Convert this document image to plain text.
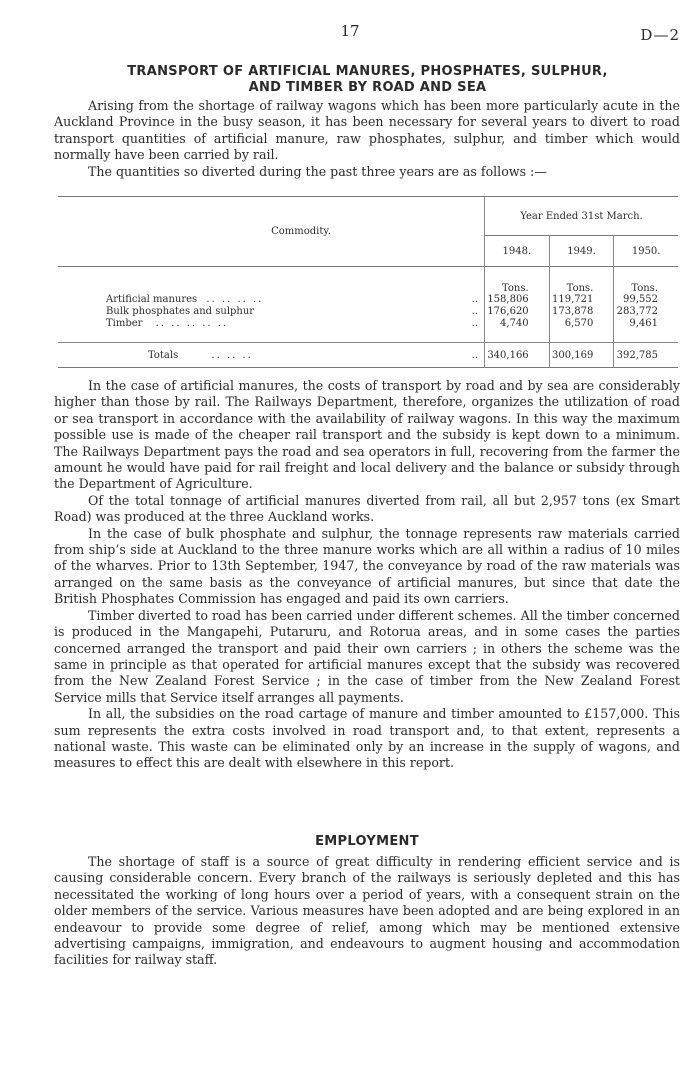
17	D—2
TRANSPORT OF ARTIFICIAL MANURES, PHOSPHATES, SULPHUR,
AND TIMBER BY ROAD AND SEA

Arising from the shortage of railway wagons which has been more particularly acute in the Auckland Province in the busy season, it has been necessary for several years to divert to road transport quantities of artificial manure, raw phosphates, sulphur, and timber which would normally have been carried by rail.

The quantities so diverted during the past three years are as follows :—

Commodity.		Year Ended 31st March.		
		1948.	1949.	1950.
		Tons.	Tons.	Tons.
Artificial manures .. .. .. ..	..	158,806	119,721	99,552
Bulk phosphates and sulphur	..	176,620	173,878	283,772
Timber .. .. .. .. ..	..	4,740	6,570	9,461

Totals .. .. ..	..	340,166	300,169	392,785

In the case of artificial manures, the costs of transport by road and by sea are considerably higher than those by rail. The Railways Department, therefore, organizes the utilization of road or sea transport in accordance with the availability of railway wagons. In this way the maximum possible use is made of the cheaper rail transport and the subsidy is kept down to a minimum. The Railways Department pays the road and sea operators in full, recovering from the farmer the amount he would have paid for rail freight and local delivery and the balance or subsidy through the Department of Agriculture.

Of the total tonnage of artificial manures diverted from rail, all but 2,957 tons (ex Smart Road) was produced at the three Auckland works.

In the case of bulk phosphate and sulphur, the tonnage represents raw materials carried from ship’s side at Auckland to the three manure works which are all within a radius of 10 miles of the wharves. Prior to 13th September, 1947, the conveyance by road of the raw materials was arranged on the same basis as the conveyance of artificial manures, but since that date the British Phosphates Commission has engaged and paid its own carriers.

Timber diverted to road has been carried under different schemes. All the timber concerned is produced in the Mangapehi, Putaruru, and Rotorua areas, and in some cases the parties concerned arranged the transport and paid their own carriers ; in others the scheme was the same in principle as that operated for artificial manures except that the subsidy was recovered from the New Zealand Forest Service ; in the case of timber from the New Zealand Forest Service mills that Service itself arranges all payments.

In all, the subsidies on the road cartage of manure and timber amounted to £157,000. This sum represents the extra costs involved in road transport and, to that extent, represents a national waste. This waste can be eliminated only by an increase in the supply of wagons, and measures to effect this are dealt with elsewhere in this report.

EMPLOYMENT

The shortage of staff is a source of great difficulty in rendering efficient service and is causing considerable concern. Every branch of the railways is seriously depleted and this has necessitated the working of long hours over a period of years, with a consequent strain on the older members of the service. Various measures have been adopted and are being explored in an endeavour to provide some degree of relief, among which may be mentioned extensive advertising campaigns, immigration, and endeavours to augment housing and accommodation facilities for railway staff.
